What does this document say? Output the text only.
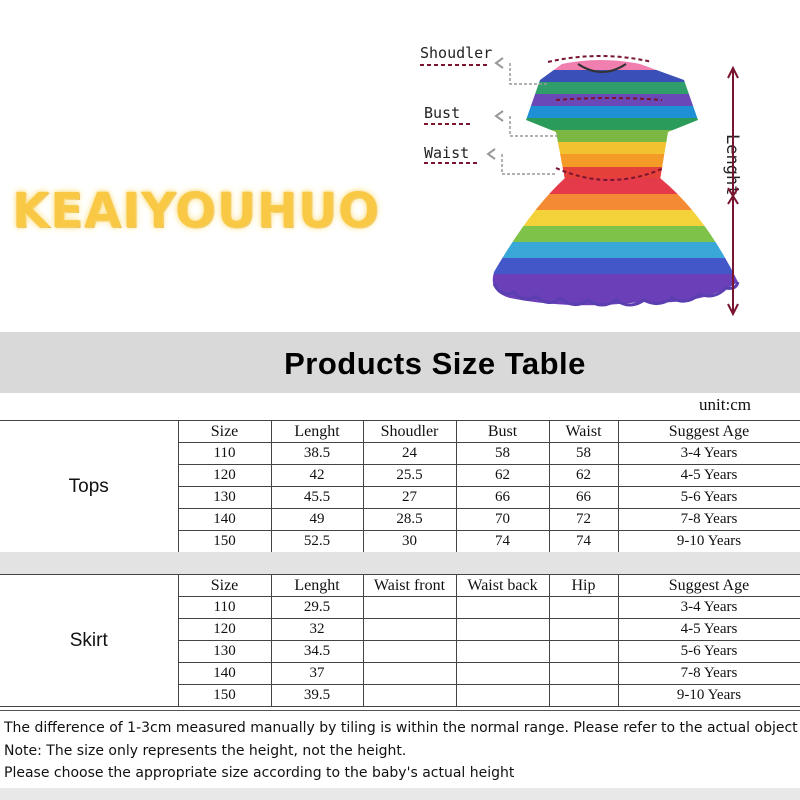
KEAIYOUHUO
Shoudler
Bust
Waist	Lenght
Products Size Table
unit:cm
Tops	Size	Lenght	Shoudler	Bust	Waist	Suggest Age
	110	38.5	24	58	58	3-4 Years
	120	42	25.5	62	62	4-5 Years
	130	45.5	27	66	66	5-6 Years
	140	49	28.5	70	72	7-8 Years
	150	52.5	30	74	74	9-10 Years
Skirt	Size	Lenght	Waist front	Waist back	Hip	Suggest Age
	110	29.5				3-4 Years
	120	32				4-5 Years
	130	34.5				5-6 Years
	140	37				7-8 Years
	150	39.5				9-10 Years
The difference of 1-3cm measured manually by tiling is within the normal range. Please refer to the actual object
Note: The size only represents the height, not the height.
Please choose the appropriate size according to the baby's actual height
